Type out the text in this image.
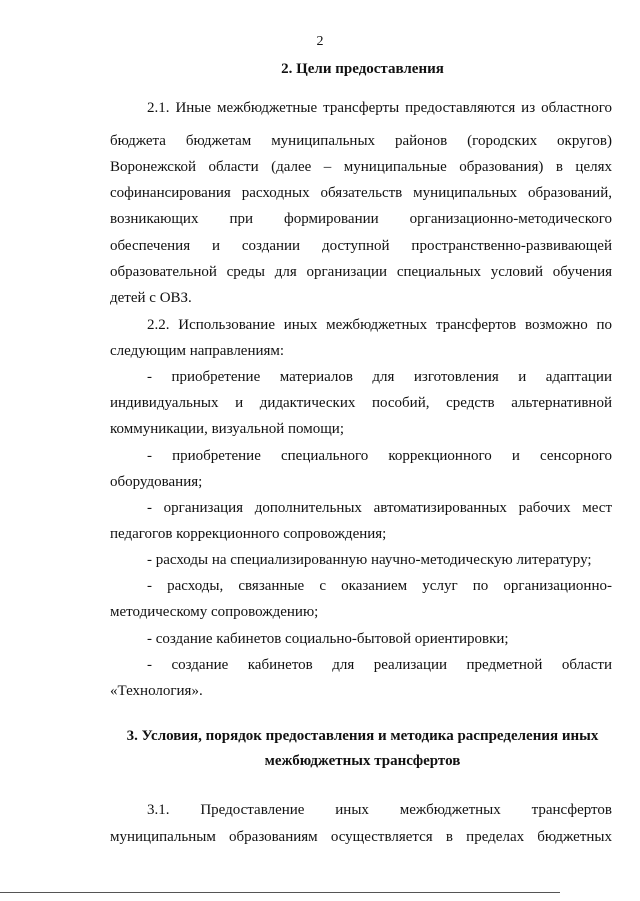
2
2. Цели предоставления
3. Условия, порядок предоставления и методика распределения иных
межбюджетных трансфертов
2.1. Иные межбюджетные трансферты предоставляются из областного
бюджета бюджетам муниципальных районов (городских округов)
Воронежской области (далее – муниципальные образования) в целях
софинансирования расходных обязательств муниципальных образований,
возникающих при формировании организационно-методического
обеспечения и создании доступной пространственно-развивающей
образовательной среды для организации специальных условий обучения
детей с ОВЗ.
2.2. Использование иных межбюджетных трансфертов возможно по
следующим направлениям:
- приобретение материалов для изготовления и адаптации
индивидуальных и дидактических пособий, средств альтернативной
коммуникации, визуальной помощи;
- приобретение специального коррекционного и сенсорного
оборудования;
- организация дополнительных автоматизированных рабочих мест
педагогов коррекционного сопровождения;
- расходы на специализированную научно-методическую литературу;
- расходы, связанные с оказанием услуг по организационно-
методическому сопровождению;
- создание кабинетов социально-бытовой ориентировки;
- создание кабинетов для реализации предметной области
«Технология».
3.1. Предоставление иных межбюджетных трансфертов
муниципальным образованиям осуществляется в пределах бюджетных
